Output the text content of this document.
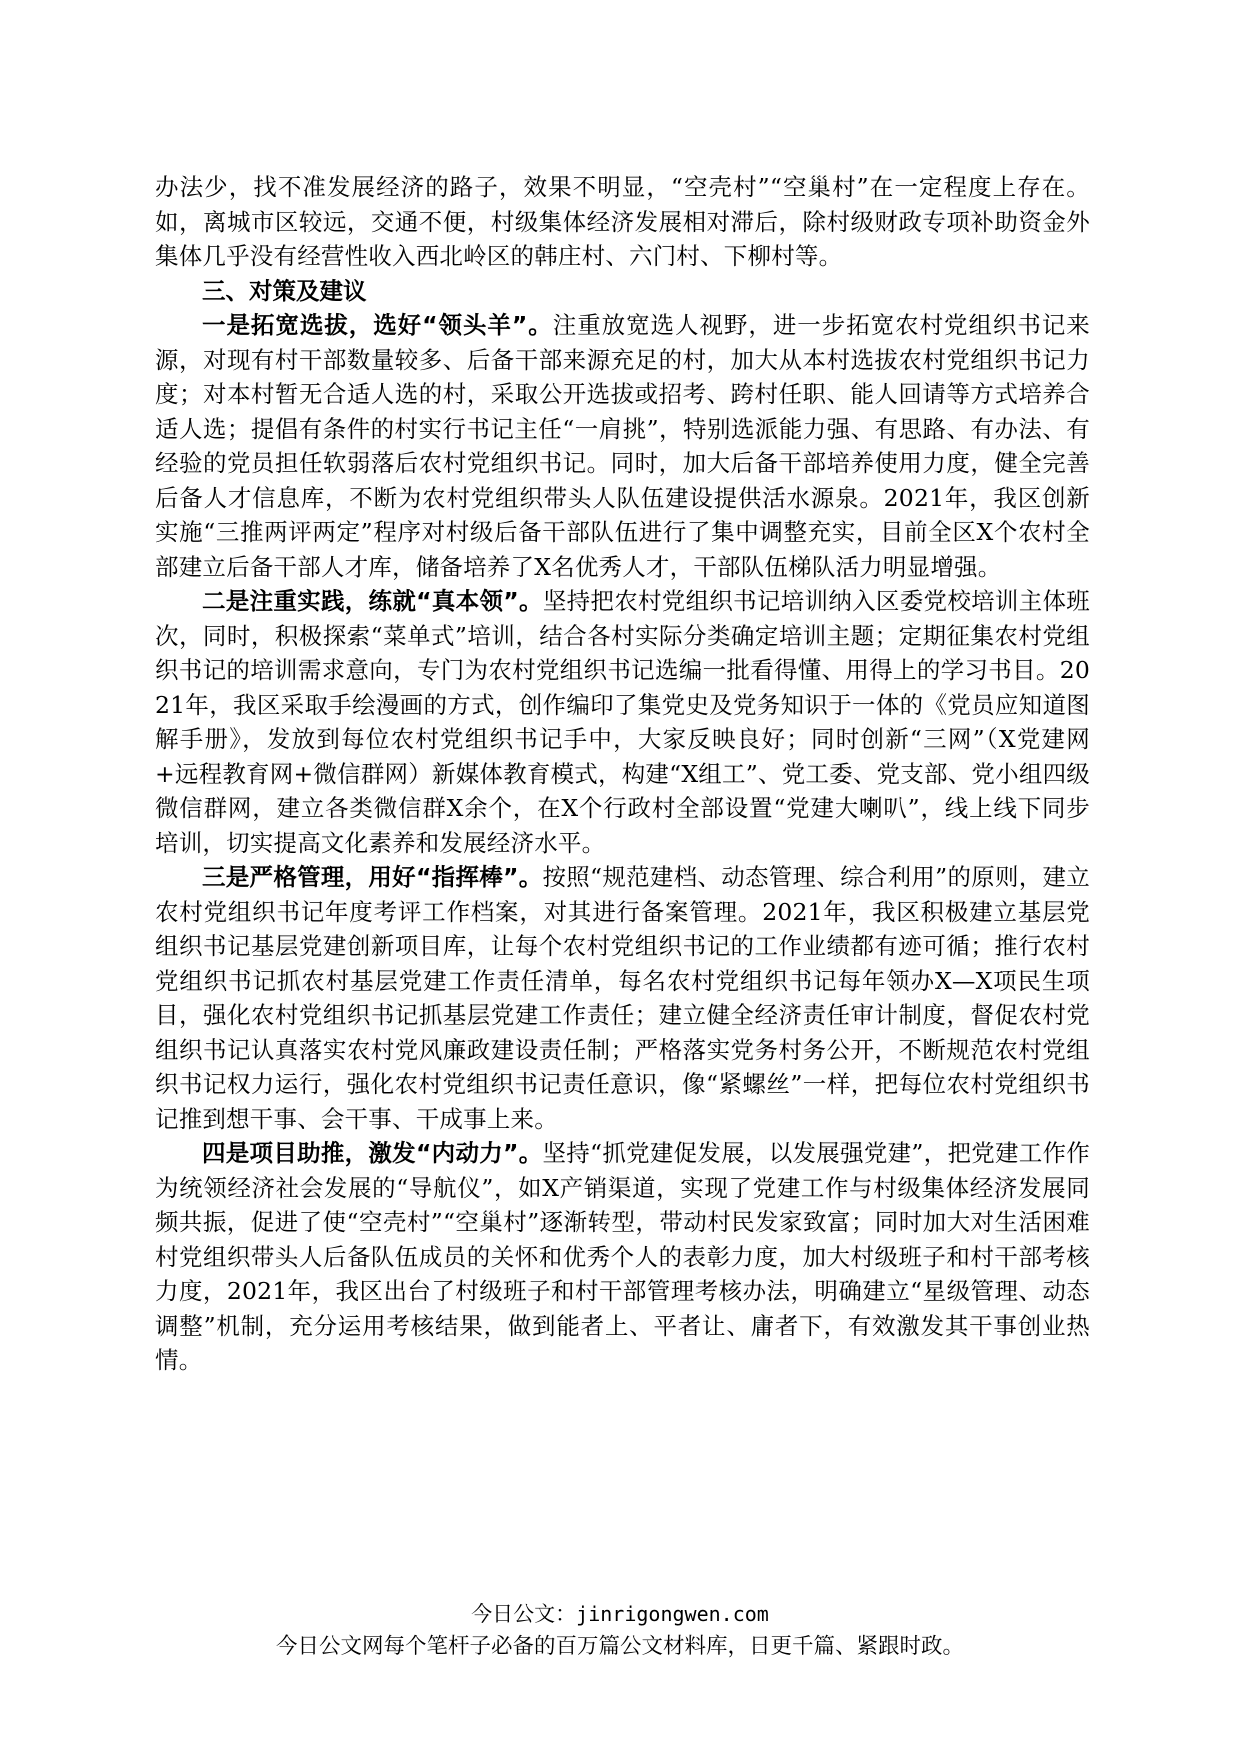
办法少，找不准发展经济的路子，效果不明显，“空壳村”“空巢村”在一定程度上存在。如，离城市区较远，交通不便，村级集体经济发展相对滞后，除村级财政专项补助资金外集体几乎没有经营性收入西北岭区的韩庄村、六门村、下柳村等。

三、对策及建议

一是拓宽选拔，选好“领头羊”。注重放宽选人视野，进一步拓宽农村党组织书记来源，对现有村干部数量较多、后备干部来源充足的村，加大从本村选拔农村党组织书记力度；对本村暂无合适人选的村，采取公开选拔或招考、跨村任职、能人回请等方式培养合适人选；提倡有条件的村实行书记主任“一肩挑”，特别选派能力强、有思路、有办法、有经验的党员担任软弱落后农村党组织书记。同时，加大后备干部培养使用力度，健全完善后备人才信息库，不断为农村党组织带头人队伍建设提供活水源泉。2021年，我区创新实施“三推两评两定”程序对村级后备干部队伍进行了集中调整充实，目前全区X个农村全部建立后备干部人才库，储备培养了X名优秀人才，干部队伍梯队活力明显增强。

二是注重实践，练就“真本领”。坚持把农村党组织书记培训纳入区委党校培训主体班次，同时，积极探索“菜单式”培训，结合各村实际分类确定培训主题；定期征集农村党组织书记的培训需求意向，专门为农村党组织书记选编一批看得懂、用得上的学习书目。2021年，我区采取手绘漫画的方式，创作编印了集党史及党务知识于一体的《党员应知道图解手册》，发放到每位农村党组织书记手中，大家反映良好；同时创新“三网”（X党建网+远程教育网+微信群网）新媒体教育模式，构建“X组工”、党工委、党支部、党小组四级微信群网，建立各类微信群X余个，在X个行政村全部设置“党建大喇叭”，线上线下同步培训，切实提高文化素养和发展经济水平。

三是严格管理，用好“指挥棒”。按照“规范建档、动态管理、综合利用”的原则，建立农村党组织书记年度考评工作档案，对其进行备案管理。2021年，我区积极建立基层党组织书记基层党建创新项目库，让每个农村党组织书记的工作业绩都有迹可循；推行农村党组织书记抓农村基层党建工作责任清单，每名农村党组织书记每年领办X—X项民生项目，强化农村党组织书记抓基层党建工作责任；建立健全经济责任审计制度，督促农村党组织书记认真落实农村党风廉政建设责任制；严格落实党务村务公开，不断规范农村党组织书记权力运行，强化农村党组织书记责任意识，像“紧螺丝”一样，把每位农村党组织书记推到想干事、会干事、干成事上来。

四是项目助推，激发“内动力”。坚持“抓党建促发展，以发展强党建”，把党建工作作为统领经济社会发展的“导航仪”，如X产销渠道，实现了党建工作与村级集体经济发展同频共振，促进了使“空壳村”“空巢村”逐渐转型，带动村民发家致富；同时加大对生活困难村党组织带头人后备队伍成员的关怀和优秀个人的表彰力度，加大村级班子和村干部考核力度，2021年，我区出台了村级班子和村干部管理考核办法，明确建立“星级管理、动态调整”机制，充分运用考核结果，做到能者上、平者让、庸者下，有效激发其干事创业热情。

今日公文：jinrigongwen.com
今日公文网每个笔杆子必备的百万篇公文材料库，日更千篇、紧跟时政。
